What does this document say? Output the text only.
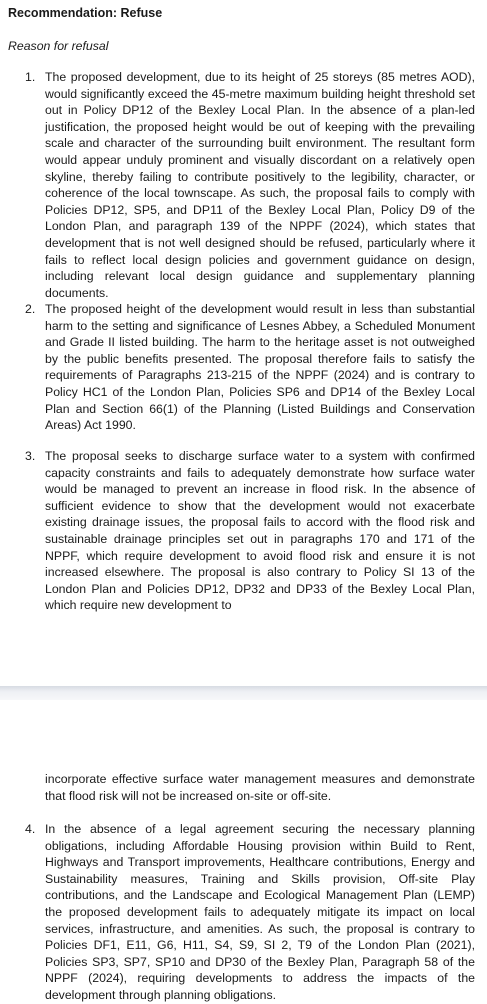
Recommendation: Refuse

Reason for refusal

1. The proposed development, due to its height of 25 storeys (85 metres AOD), would significantly exceed the 45-metre maximum building height threshold set out in Policy DP12 of the Bexley Local Plan. In the absence of a plan-led justification, the proposed height would be out of keeping with the prevailing scale and character of the surrounding built environment. The resultant form would appear unduly prominent and visually discordant on a relatively open skyline, thereby failing to contribute positively to the legibility, character, or coherence of the local townscape. As such, the proposal fails to comply with Policies DP12, SP5, and DP11 of the Bexley Local Plan, Policy D9 of the London Plan, and paragraph 139 of the NPPF (2024), which states that development that is not well designed should be refused, particularly where it fails to reflect local design policies and government guidance on design, including relevant local design guidance and supplementary planning documents.
2. The proposed height of the development would result in less than substantial harm to the setting and significance of Lesnes Abbey, a Scheduled Monument and Grade II listed building. The harm to the heritage asset is not outweighed by the public benefits presented. The proposal therefore fails to satisfy the requirements of Paragraphs 213-215 of the NPPF (2024) and is contrary to Policy HC1 of the London Plan, Policies SP6 and DP14 of the Bexley Local Plan and Section 66(1) of the Planning (Listed Buildings and Conservation Areas) Act 1990.
3. The proposal seeks to discharge surface water to a system with confirmed capacity constraints and fails to adequately demonstrate how surface water would be managed to prevent an increase in flood risk. In the absence of sufficient evidence to show that the development would not exacerbate existing drainage issues, the proposal fails to accord with the flood risk and sustainable drainage principles set out in paragraphs 170 and 171 of the NPPF, which require development to avoid flood risk and ensure it is not increased elsewhere. The proposal is also contrary to Policy SI 13 of the London Plan and Policies DP12, DP32 and DP33 of the Bexley Local Plan, which require new development to

incorporate effective surface water management measures and demonstrate that flood risk will not be increased on-site or off-site.

4. In the absence of a legal agreement securing the necessary planning obligations, including Affordable Housing provision within Build to Rent, Highways and Transport improvements, Healthcare contributions, Energy and Sustainability measures, Training and Skills provision, Off-site Play contributions, and the Landscape and Ecological Management Plan (LEMP) the proposed development fails to adequately mitigate its impact on local services, infrastructure, and amenities. As such, the proposal is contrary to Policies DF1, E11, G6, H11, S4, S9, SI 2, T9 of the London Plan (2021), Policies SP3, SP7, SP10 and DP30 of the Bexley Plan, Paragraph 58 of the NPPF (2024), requiring developments to address the impacts of the development through planning obligations.
